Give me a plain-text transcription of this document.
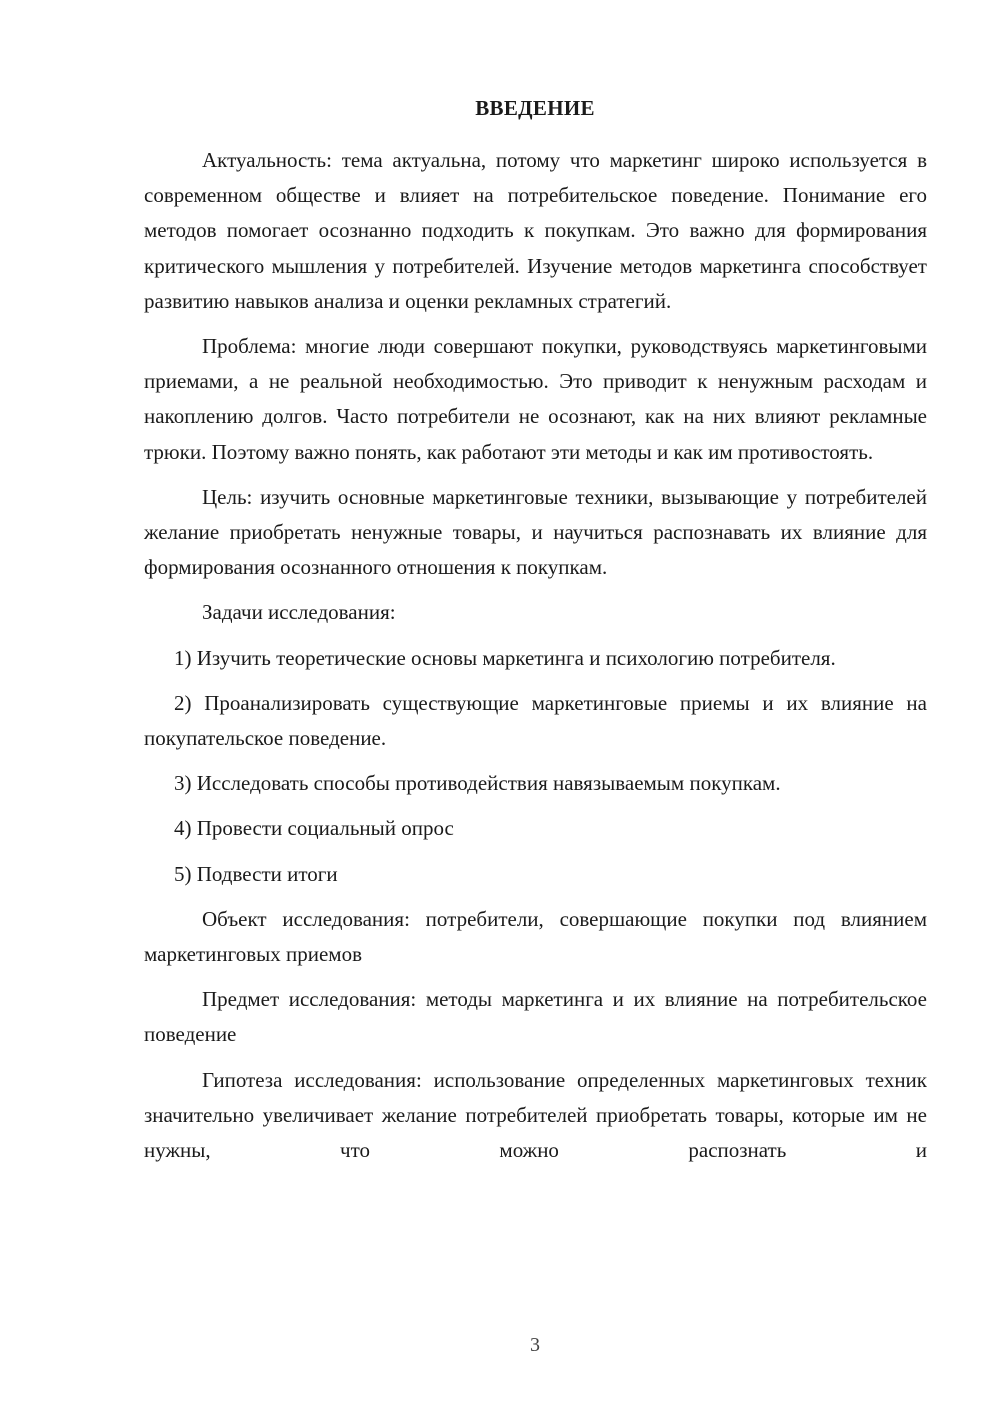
ВВЕДЕНИЕ

Актуальность: тема актуальна, потому что маркетинг широко используется в современном обществе и влияет на потребительское поведение. Понимание его методов помогает осознанно подходить к покупкам. Это важно для формирования критического мышления у потребителей. Изучение методов маркетинга способствует развитию навыков анализа и оценки рекламных стратегий.

Проблема: многие люди совершают покупки, руководствуясь маркетинговыми приемами, а не реальной необходимостью. Это приводит к ненужным расходам и накоплению долгов. Часто потребители не осознают, как на них влияют рекламные трюки. Поэтому важно понять, как работают эти методы и как им противостоять.

Цель: изучить основные маркетинговые техники, вызывающие у потребителей желание приобретать ненужные товары, и научиться распознавать их влияние для формирования осознанного отношения к покупкам.

Задачи исследования:

1) Изучить теоретические основы маркетинга и психологию потребителя.

2) Проанализировать существующие маркетинговые приемы и их влияние на покупательское поведение.

3) Исследовать способы противодействия навязываемым покупкам.

4) Провести социальный опрос

5) Подвести итоги

Объект исследования: потребители, совершающие покупки под влиянием маркетинговых приемов

Предмет исследования: методы маркетинга и их влияние на потребительское поведение

Гипотеза исследования: использование определенных маркетинговых техник значительно увеличивает желание потребителей приобретать товары, которые им не нужны, что можно распознать и

3
